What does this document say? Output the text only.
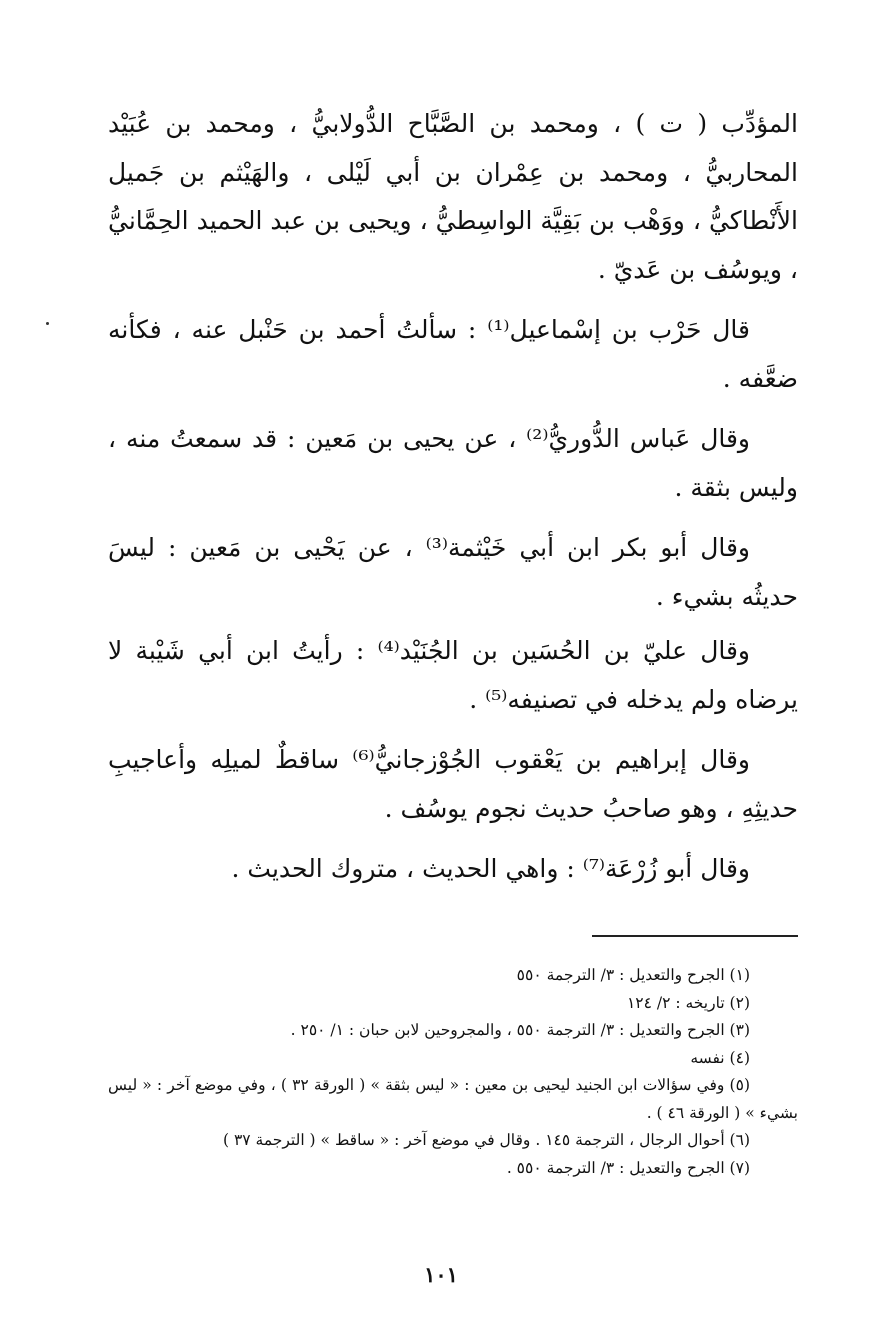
المؤدِّب ( ت ) ، ومحمد بن الصَّبَّاح الدُّولابيُّ ، ومحمد بن عُبَيْد المحاربيُّ ، ومحمد بن عِمْران بن أبي لَيْلى ، والهَيْثم بن جَميل الأَنْطاكيُّ ، ووَهْب بن بَقِيَّة الواسِطيُّ ، ويحيى بن عبد الحميد الحِمَّانيُّ ، ويوسُف بن عَديّ .

قال حَرْب بن إسْماعيل⁽¹⁾ : سألتُ أحمد بن حَنْبل عنه ، فكأنه ضعَّفه .

وقال عَباس الدُّوريُّ⁽²⁾ ، عن يحيى بن مَعين : قد سمعتُ منه ، وليس بثقة .

وقال أبو بكر ابن أبي خَيْثمة⁽³⁾ ، عن يَحْيى بن مَعين : ليسَ حديثُه بشيء .

وقال عليّ بن الحُسَين بن الجُنَيْد⁽⁴⁾ : رأيتُ ابن أبي شَيْبة لا يرضاه ولم يدخله في تصنيفه⁽⁵⁾ .

وقال إبراهيم بن يَعْقوب الجُوْزجانيُّ⁽⁶⁾ ساقطٌ لميلِه وأعاجيبِ حديثِهِ ، وهو صاحبُ حديث نجوم يوسُف .

وقال أبو زُرْعَة⁽⁷⁾ : واهي الحديث ، متروك الحديث .

(١) الجرح والتعديل : ٣/ الترجمة ٥٥٠

(٢) تاريخه : ٢/ ١٢٤

(٣) الجرح والتعديل : ٣/ الترجمة ٥٥٠ ، والمجروحين لابن حبان : ١/ ٢٥٠ .

(٤) نفسه

(٥) وفي سؤالات ابن الجنيد ليحيى بن معين : « ليس بثقة » ( الورقة ٣٢ ) ، وفي موضع آخر : « ليس بشيء » ( الورقة ٤٦ ) .

(٦) أحوال الرجال ، الترجمة ١٤٥ . وقال في موضع آخر : « ساقط » ( الترجمة ٣٧ )

(٧) الجرح والتعديل : ٣/ الترجمة ٥٥٠ .

١٠١
